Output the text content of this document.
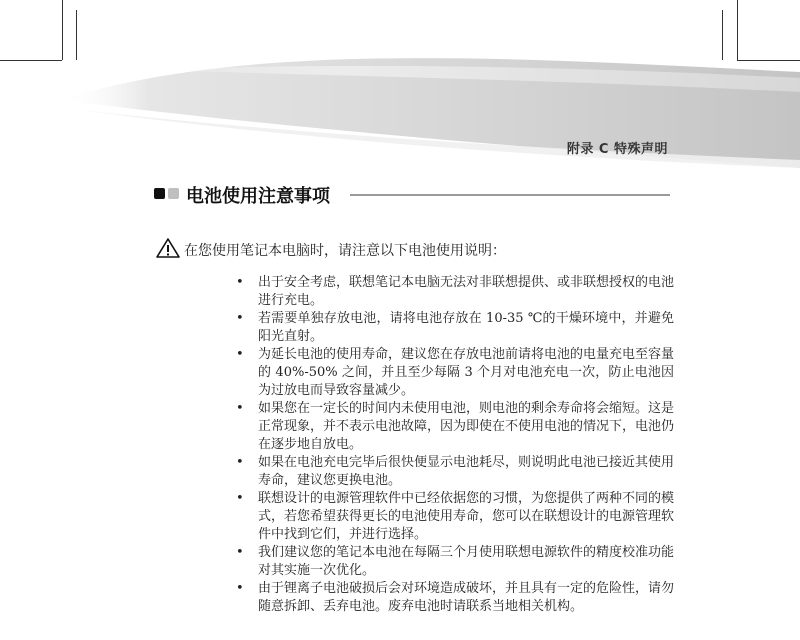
附录 C 特殊声明
电池使用注意事项
在您使用笔记本电脑时，请注意以下电池使用说明：
• 出于安全考虑，联想笔记本电脑无法对非联想提供、或非联想授权的电池进行充电。
• 若需要单独存放电池，请将电池存放在 10-35 ℃的干燥环境中，并避免阳光直射。
• 为延长电池的使用寿命，建议您在存放电池前请将电池的电量充电至容量的 40%-50% 之间，并且至少每隔 3 个月对电池充电一次，防止电池因为过放电而导致容量减少。
• 如果您在一定长的时间内未使用电池，则电池的剩余寿命将会缩短。这是正常现象，并不表示电池故障，因为即使在不使用电池的情况下，电池仍在逐步地自放电。
• 如果在电池充电完毕后很快便显示电池耗尽，则说明此电池已接近其使用寿命，建议您更换电池。
• 联想设计的电源管理软件中已经依据您的习惯，为您提供了两种不同的模式，若您希望获得更长的电池使用寿命，您可以在联想设计的电源管理软件中找到它们，并进行选择。
• 我们建议您的笔记本电池在每隔三个月使用联想电源软件的精度校准功能对其实施一次优化。
• 由于锂离子电池破损后会对环境造成破坏，并且具有一定的危险性，请勿随意拆卸、丢弃电池。废弃电池时请联系当地相关机构。
